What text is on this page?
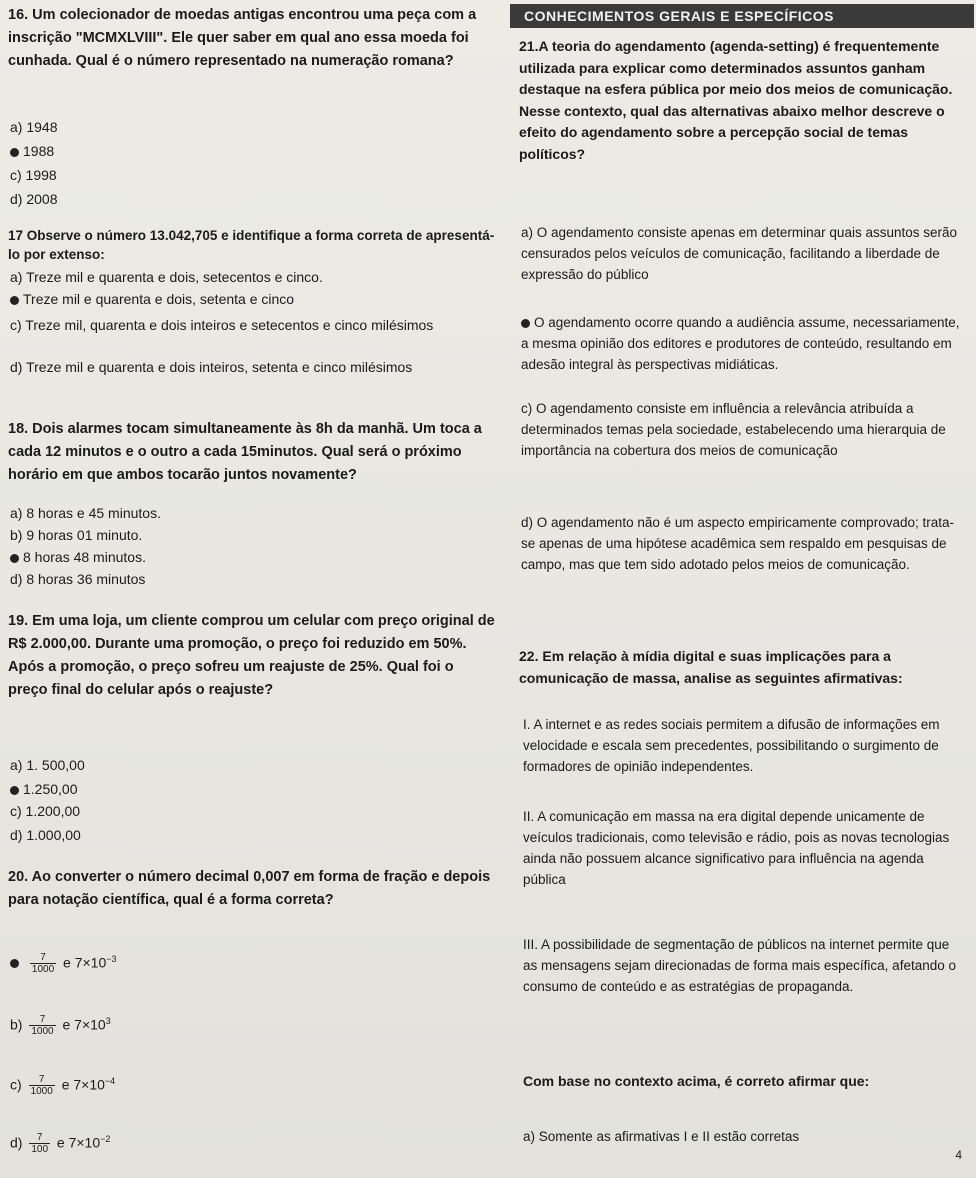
16. Um colecionador de moedas antigas encontrou uma peça com a inscrição "MCMXLVIII". Ele quer saber em qual ano essa moeda foi cunhada. Qual é o número representado na numeração romana?
a) 1948
1988
c) 1998
d) 2008
17 Observe o número 13.042,705 e identifique a forma correta de apresentá-lo por extenso:
a) Treze mil e quarenta e dois, setecentos e cinco.
Treze mil e quarenta e dois, setenta e cinco
c) Treze mil, quarenta e dois inteiros e setecentos e cinco milésimos
d) Treze mil e quarenta e dois inteiros, setenta e cinco milésimos
18. Dois alarmes tocam simultaneamente às 8h da manhã. Um toca a cada 12 minutos e o outro a cada 15minutos. Qual será o próximo horário em que ambos tocarão juntos novamente?
a) 8 horas e 45 minutos.
b) 9 horas 01 minuto.
8 horas 48 minutos.
d) 8 horas 36 minutos
19. Em uma loja, um cliente comprou um celular com preço original de R$ 2.000,00. Durante uma promoção, o preço foi reduzido em 50%. Após a promoção, o preço sofreu um reajuste de 25%. Qual foi o preço final do celular após o reajuste?
a) 1. 500,00
1.250,00
c) 1.200,00
d) 1.000,00
20. Ao converter o número decimal 0,007 em forma de fração e depois para notação científica, qual é a forma correta?

$\frac{7}{1000}$ e $7\times 10^{-3}$
$b) \frac{7}{1000}$ e $7\times 10^3$
$c) \frac{7}{1000}$ e $7\times 10^{-4}$
$d) \frac{7}{100}$ e $7\times 10^{-2}$
CONHECIMENTOS GERAIS E ESPECÍFICOS
21.A teoria do agendamento (agenda-setting) é frequentemente utilizada para explicar como determinados assuntos ganham destaque na esfera pública por meio dos meios de comunicação. Nesse contexto, qual das alternativas abaixo melhor descreve o efeito do agendamento sobre a percepção social de temas políticos?
a) O agendamento consiste apenas em determinar quais assuntos serão censurados pelos veículos de comunicação, facilitando a liberdade de expressão do público
O agendamento ocorre quando a audiência assume, necessariamente, a mesma opinião dos editores e produtores de conteúdo, resultando em adesão integral às perspectivas midiáticas.
c) O agendamento consiste em influência a relevância atribuída a determinados temas pela sociedade, estabelecendo uma hierarquia de importância na cobertura dos meios de comunicação
d) O agendamento não é um aspecto empiricamente comprovado; trata-se apenas de uma hipótese acadêmica sem respaldo em pesquisas de campo, mas que tem sido adotado pelos meios de comunicação.
22. Em relação à mídia digital e suas implicações para a comunicação de massa, analise as seguintes afirmativas:
I. A internet e as redes sociais permitem a difusão de informações em velocidade e escala sem precedentes, possibilitando o surgimento de formadores de opinião independentes.
II. A comunicação em massa na era digital depende unicamente de veículos tradicionais, como televisão e rádio, pois as novas tecnologias ainda não possuem alcance significativo para influência na agenda pública
III. A possibilidade de segmentação de públicos na internet permite que as mensagens sejam direcionadas de forma mais específica, afetando o consumo de conteúdo e as estratégias de propaganda.
Com base no contexto acima, é correto afirmar que:
a) Somente as afirmativas I e II estão corretas
4
